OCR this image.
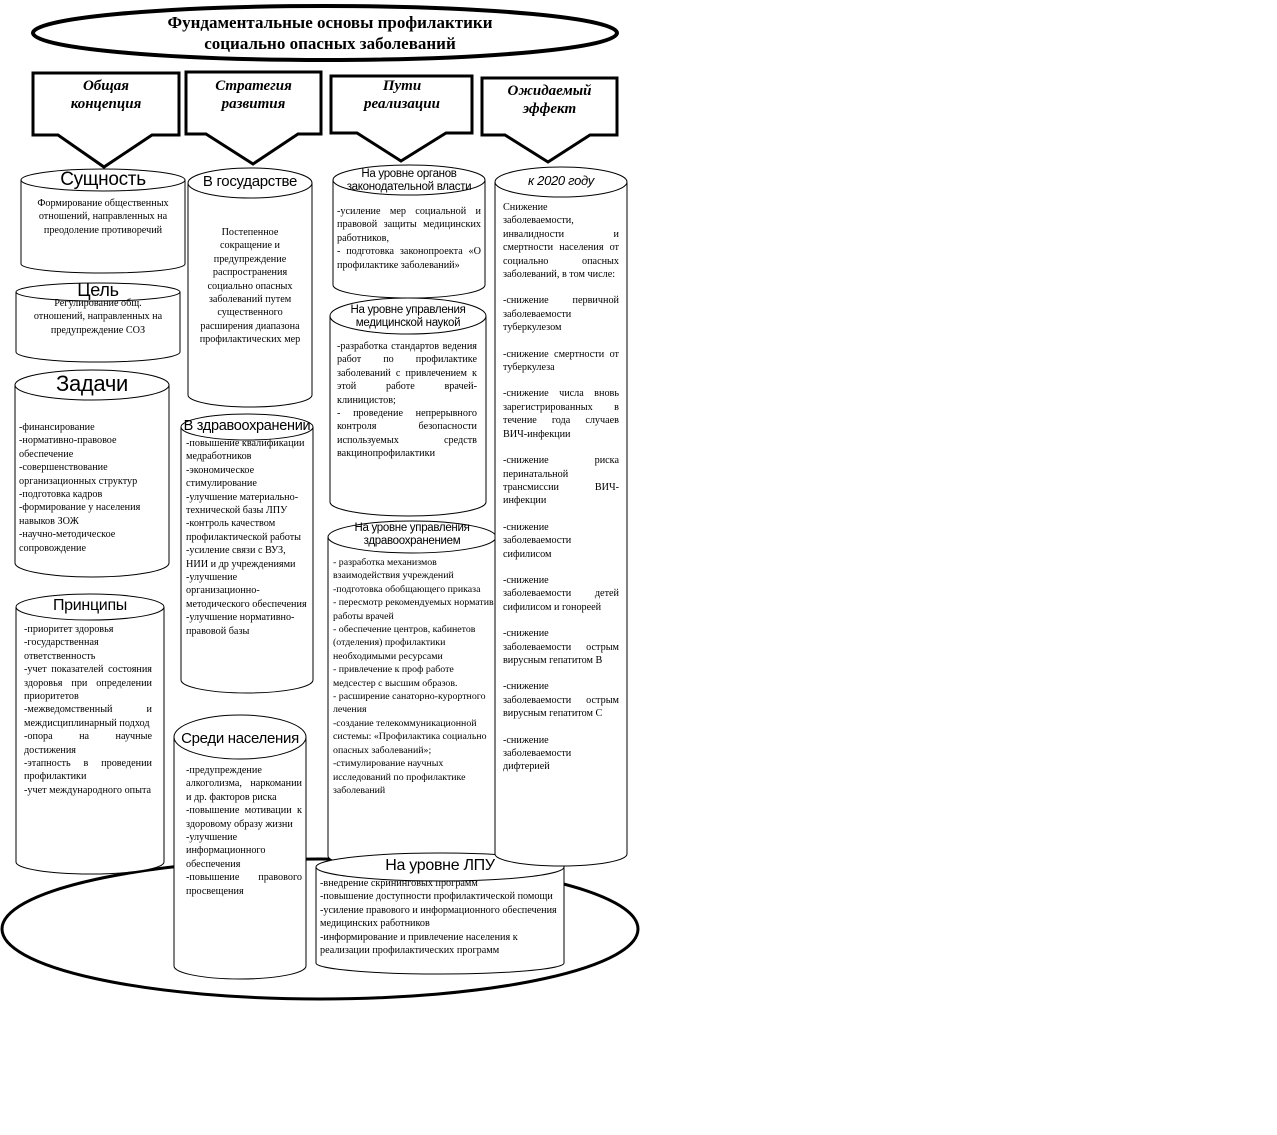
Фундаментальные основы профилактики
социально опасных заболеваний
Общая
концепция
Стратегия
развития
Пути
реализации
Ожидаемый
эффект
Сущность
Формирование общественных отношений, направленных на преодоление противоречий
Цель
Регулирование общ. отношений, направленных на предупреждение СОЗ
Задачи
-финансирование
-нормативно-правовое обеспечение
-совершенствование организационных структур
-подготовка кадров
-формирование у населения навыков ЗОЖ
-научно-методическое сопровождение
Принципы
-приоритет здоровья
-государственная ответственность
-учет показателей состояния здоровья при определении приоритетов
-межведомственный и междисциплинарный подход
-опора на научные достижения
-этапность в проведении профилактики
-учет международного опыта
В государстве
Постепенное сокращение и предупреждение распространения социально опасных заболеваний путем существенного расширения диапазона профилактических мер
В здравоохранении
-повышение квалификации медработников
-экономическое стимулирование
-улучшение материально-технической базы ЛПУ
-контроль качеством профилактической работы
-усиление связи с ВУЗ, НИИ и др учреждениями
-улучшение организационно-методического обеспечения
-улучшение нормативно-правовой базы
Среди населения
-предупреждение алкоголизма, наркомании и др. факторов риска
-повышение мотивации к здоровому образу жизни
-улучшение информационного обеспечения
-повышение правового просвещения
На уровне органов
законодательной власти
-усиление мер социальной и правовой защиты медицинских работников,
- подготовка законопроекта «О профилактике заболеваний»
На уровне управления
медицинской наукой
-разработка стандартов ведения работ по профилактике заболеваний с привлечением к этой работе врачей-клиницистов;
- проведение непрерывного контроля безопасности используемых средств вакцинопрофилактики
На уровне управления
здравоохранением
- разработка механизмов взаимодействия учреждений
-подготовка обобщающего приказа
- пересмотр рекомендуемых норматив работы врачей
- обеспечение центров, кабинетов (отделения) профилактики необходимыми ресурсами
- привлечение к проф работе медсестер с высшим образов.
- расширение санаторно-курортного лечения
-создание телекоммуникационной системы: «Профилактика социально опасных заболеваний»;
-стимулирование научных исследований по профилактике заболеваний
На уровне ЛПУ
-внедрение скрининговых программ
-повышение доступности профилактической помощи
-усиление правового и информационного обеспечения медицинских работников
-информирование и привлечение населения к реализации профилактических программ
к 2020 году
Снижение заболеваемости, инвалидности и смертности населения от социально опасных заболеваний, в том числе:
-снижение первичной заболеваемости туберкулезом
-снижение смертности от туберкулеза
-снижение числа вновь зарегистрированных в течение года случаев ВИЧ-инфекции
-снижение риска перинатальной трансмиссии ВИЧ-инфекции
-снижение заболеваемости сифилисом
-снижение заболеваемости детей сифилисом и гонореей
-снижение заболеваемости острым вирусным гепатитом В
-снижение заболеваемости острым вирусным гепатитом С
-снижение заболеваемости дифтерией
